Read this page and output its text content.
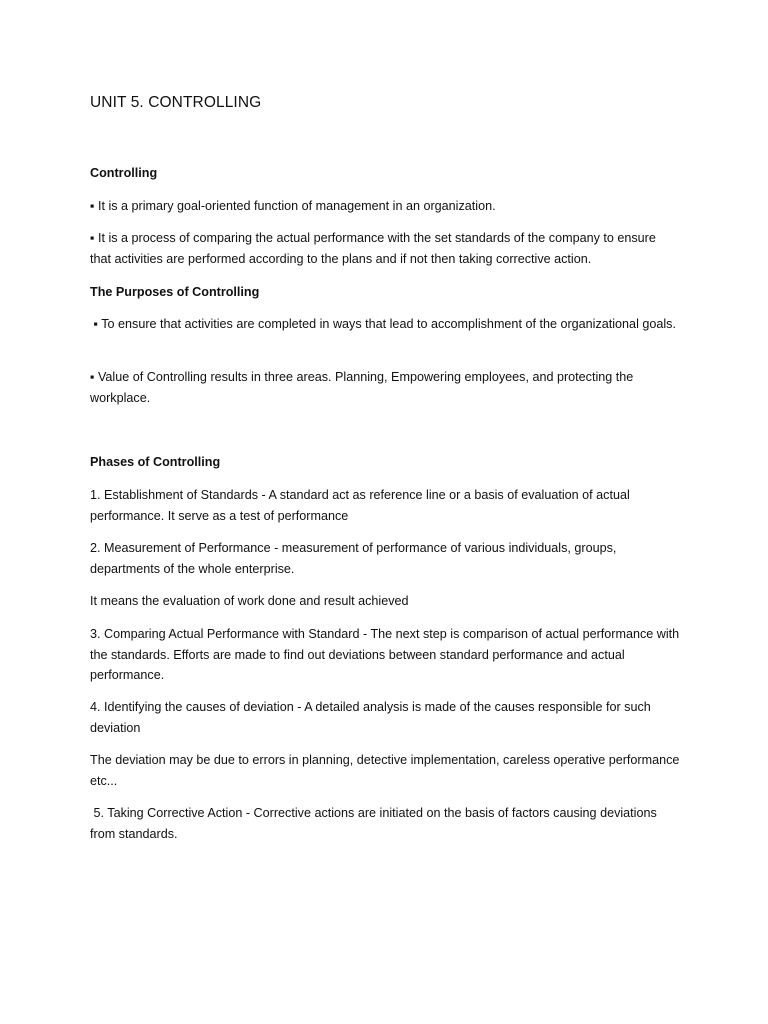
UNIT 5. CONTROLLING

Controlling

▪ It is a primary goal-oriented function of management in an organization.

▪ It is a process of comparing the actual performance with the set standards of the company to ensure that activities are performed according to the plans and if not then taking corrective action.

The Purposes of Controlling

▪ To ensure that activities are completed in ways that lead to accomplishment of the organizational goals.

▪ Value of Controlling results in three areas. Planning, Empowering employees, and protecting the workplace.

Phases of Controlling

1. Establishment of Standards - A standard act as reference line or a basis of evaluation of actual performance. It serve as a test of performance

2. Measurement of Performance - measurement of performance of various individuals, groups, departments of the whole enterprise.

It means the evaluation of work done and result achieved

3. Comparing Actual Performance with Standard - The next step is comparison of actual performance with the standards. Efforts are made to find out deviations between standard performance and actual performance.

4. Identifying the causes of deviation - A detailed analysis is made of the causes responsible for such deviation

The deviation may be due to errors in planning, detective implementation, careless operative performance etc...

5. Taking Corrective Action - Corrective actions are initiated on the basis of factors causing deviations from standards.
